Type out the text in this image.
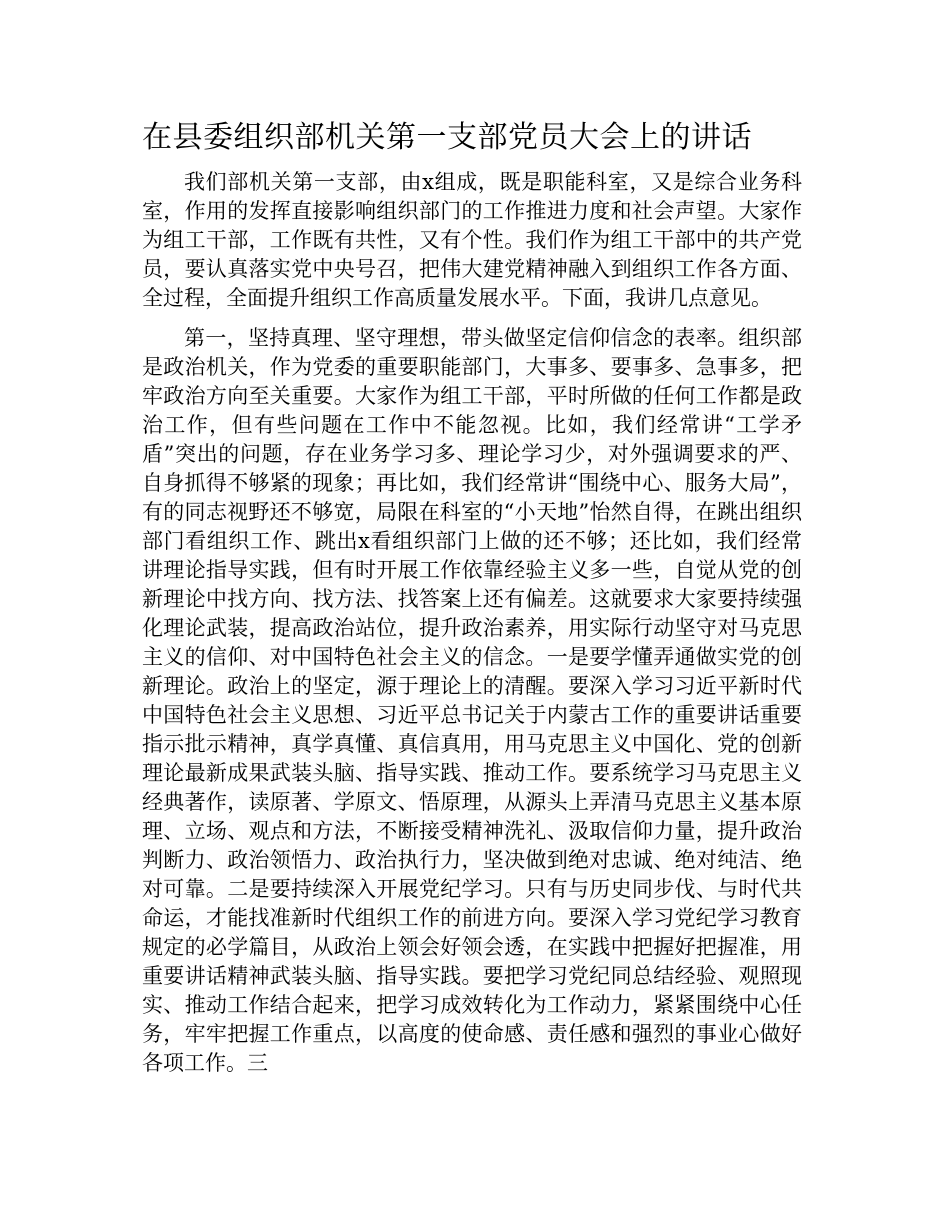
在县委组织部机关第一支部党员大会上的讲话

我们部机关第一支部，由x组成，既是职能科室，又是综合业务科室，作用的发挥直接影响组织部门的工作推进力度和社会声望。大家作为组工干部，工作既有共性，又有个性。我们作为组工干部中的共产党员，要认真落实党中央号召，把伟大建党精神融入到组织工作各方面、全过程，全面提升组织工作高质量发展水平。下面，我讲几点意见。

第一，坚持真理、坚守理想，带头做坚定信仰信念的表率。组织部是政治机关，作为党委的重要职能部门，大事多、要事多、急事多，把牢政治方向至关重要。大家作为组工干部，平时所做的任何工作都是政治工作，但有些问题在工作中不能忽视。比如，我们经常讲“工学矛盾”突出的问题，存在业务学习多、理论学习少，对外强调要求的严、自身抓得不够紧的现象；再比如，我们经常讲“围绕中心、服务大局”，有的同志视野还不够宽，局限在科室的“小天地”怡然自得，在跳出组织部门看组织工作、跳出x看组织部门上做的还不够；还比如，我们经常讲理论指导实践，但有时开展工作依靠经验主义多一些，自觉从党的创新理论中找方向、找方法、找答案上还有偏差。这就要求大家要持续强化理论武装，提高政治站位，提升政治素养，用实际行动坚守对马克思主义的信仰、对中国特色社会主义的信念。一是要学懂弄通做实党的创新理论。政治上的坚定，源于理论上的清醒。要深入学习习近平新时代中国特色社会主义思想、习近平总书记关于内蒙古工作的重要讲话重要指示批示精神，真学真懂、真信真用，用马克思主义中国化、党的创新理论最新成果武装头脑、指导实践、推动工作。要系统学习马克思主义经典著作，读原著、学原文、悟原理，从源头上弄清马克思主义基本原理、立场、观点和方法，不断接受精神洗礼、汲取信仰力量，提升政治判断力、政治领悟力、政治执行力，坚决做到绝对忠诚、绝对纯洁、绝对可靠。二是要持续深入开展党纪学习。只有与历史同步伐、与时代共命运，才能找准新时代组织工作的前进方向。要深入学习党纪学习教育规定的必学篇目，从政治上领会好领会透，在实践中把握好把握准，用重要讲话精神武装头脑、指导实践。要把学习党纪同总结经验、观照现实、推动工作结合起来，把学习成效转化为工作动力，紧紧围绕中心任务，牢牢把握工作重点，以高度的使命感、责任感和强烈的事业心做好各项工作。三
